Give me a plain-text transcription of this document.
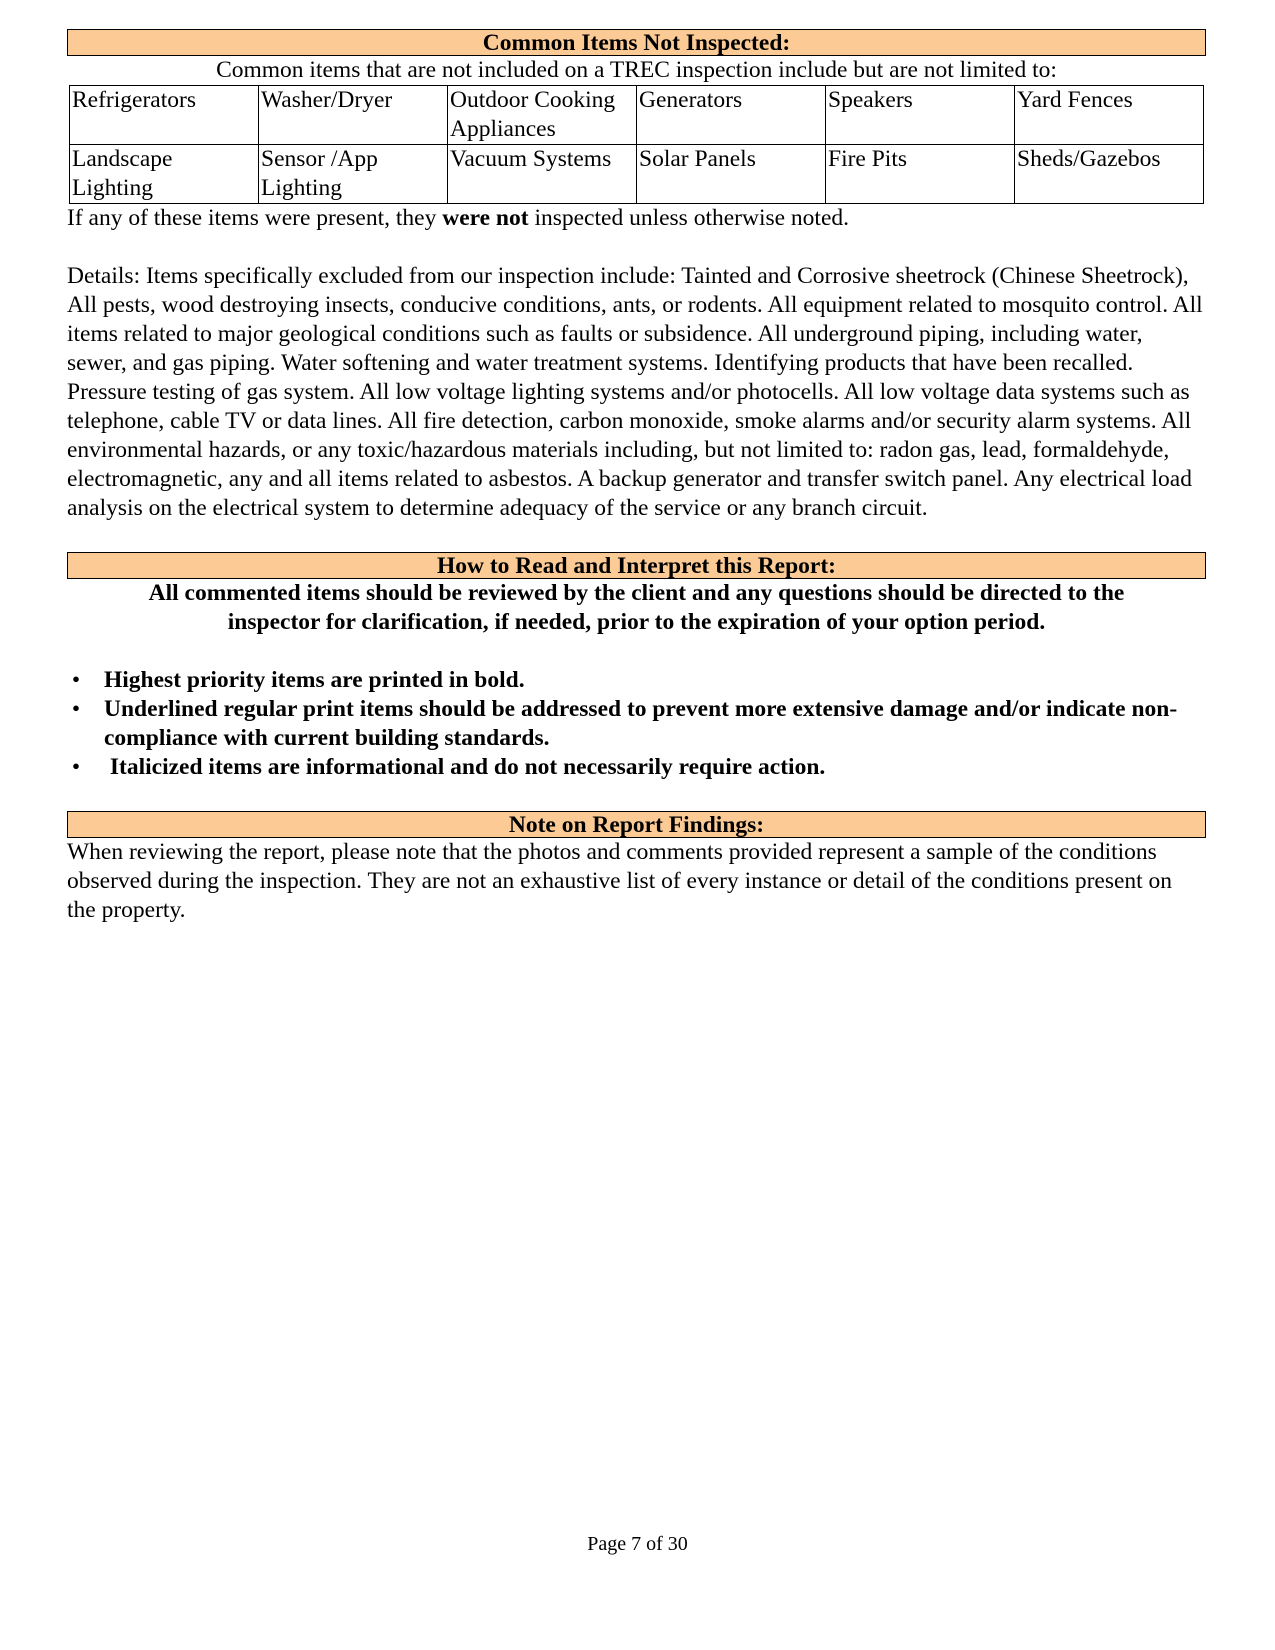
Common Items Not Inspected:

Common items that are not included on a TREC inspection include but are not limited to:

Refrigerators	Washer/Dryer	Outdoor Cooking Appliances	Generators	Speakers	Yard Fences
Landscape Lighting	Sensor /App Lighting	Vacuum Systems	Solar Panels	Fire Pits	Sheds/Gazebos

If any of these items were present, they were not inspected unless otherwise noted.

Details: Items specifically excluded from our inspection include: Tainted and Corrosive sheetrock (Chinese Sheetrock), All pests, wood destroying insects, conducive conditions, ants, or rodents. All equipment related to mosquito control. All items related to major geological conditions such as faults or subsidence. All underground piping, including water, sewer, and gas piping. Water softening and water treatment systems. Identifying products that have been recalled. Pressure testing of gas system. All low voltage lighting systems and/or photocells. All low voltage data systems such as telephone, cable TV or data lines. All fire detection, carbon monoxide, smoke alarms and/or security alarm systems. All environmental hazards, or any toxic/hazardous materials including, but not limited to: radon gas, lead, formaldehyde, electromagnetic, any and all items related to asbestos. A backup generator and transfer switch panel. Any electrical load analysis on the electrical system to determine adequacy of the service or any branch circuit.

How to Read and Interpret this Report:

All commented items should be reviewed by the client and any questions should be directed to the inspector for clarification, if needed, prior to the expiration of your option period.

• Highest priority items are printed in bold.
• Underlined regular print items should be addressed to prevent more extensive damage and/or indicate non-compliance with current building standards.
• Italicized items are informational and do not necessarily require action.
Note on Report Findings:

When reviewing the report, please note that the photos and comments provided represent a sample of the conditions observed during the inspection. They are not an exhaustive list of every instance or detail of the conditions present on the property.

Page 7 of 30
